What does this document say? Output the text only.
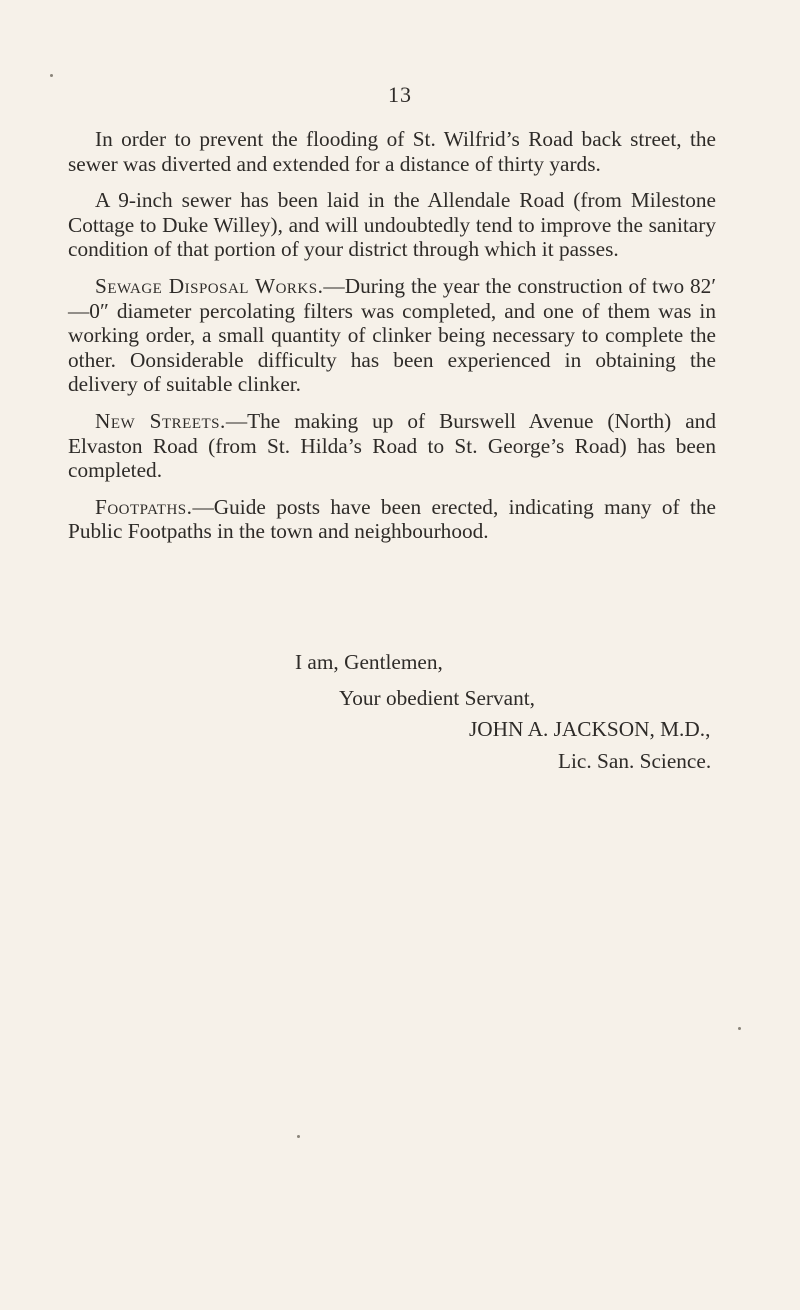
13

In order to prevent the flooding of St. Wilfrid’s Road back street, the sewer was diverted and extended for a distance of thirty yards.

A 9-inch sewer has been laid in the Allendale Road (from Milestone Cottage to Duke Willey), and will undoubtedly tend to improve the sanitary condition of that portion of your district through which it passes.

Sewage Disposal Works.—During the year the construction of two 82′—0″ diameter percolating filters was completed, and one of them was in working order, a small quantity of clinker being necessary to complete the other. Oonsiderable difficulty has been experienced in obtaining the delivery of suitable clinker.

New Streets.—The making up of Burswell Avenue (North) and Elvaston Road (from St. Hilda’s Road to St. George’s Road) has been completed.

Footpaths.—Guide posts have been erected, indicating many of the Public Footpaths in the town and neighbourhood.

I am, Gentlemen,
Your obedient Servant,
JOHN A. JACKSON, M.D.,
Lic. San. Science.
